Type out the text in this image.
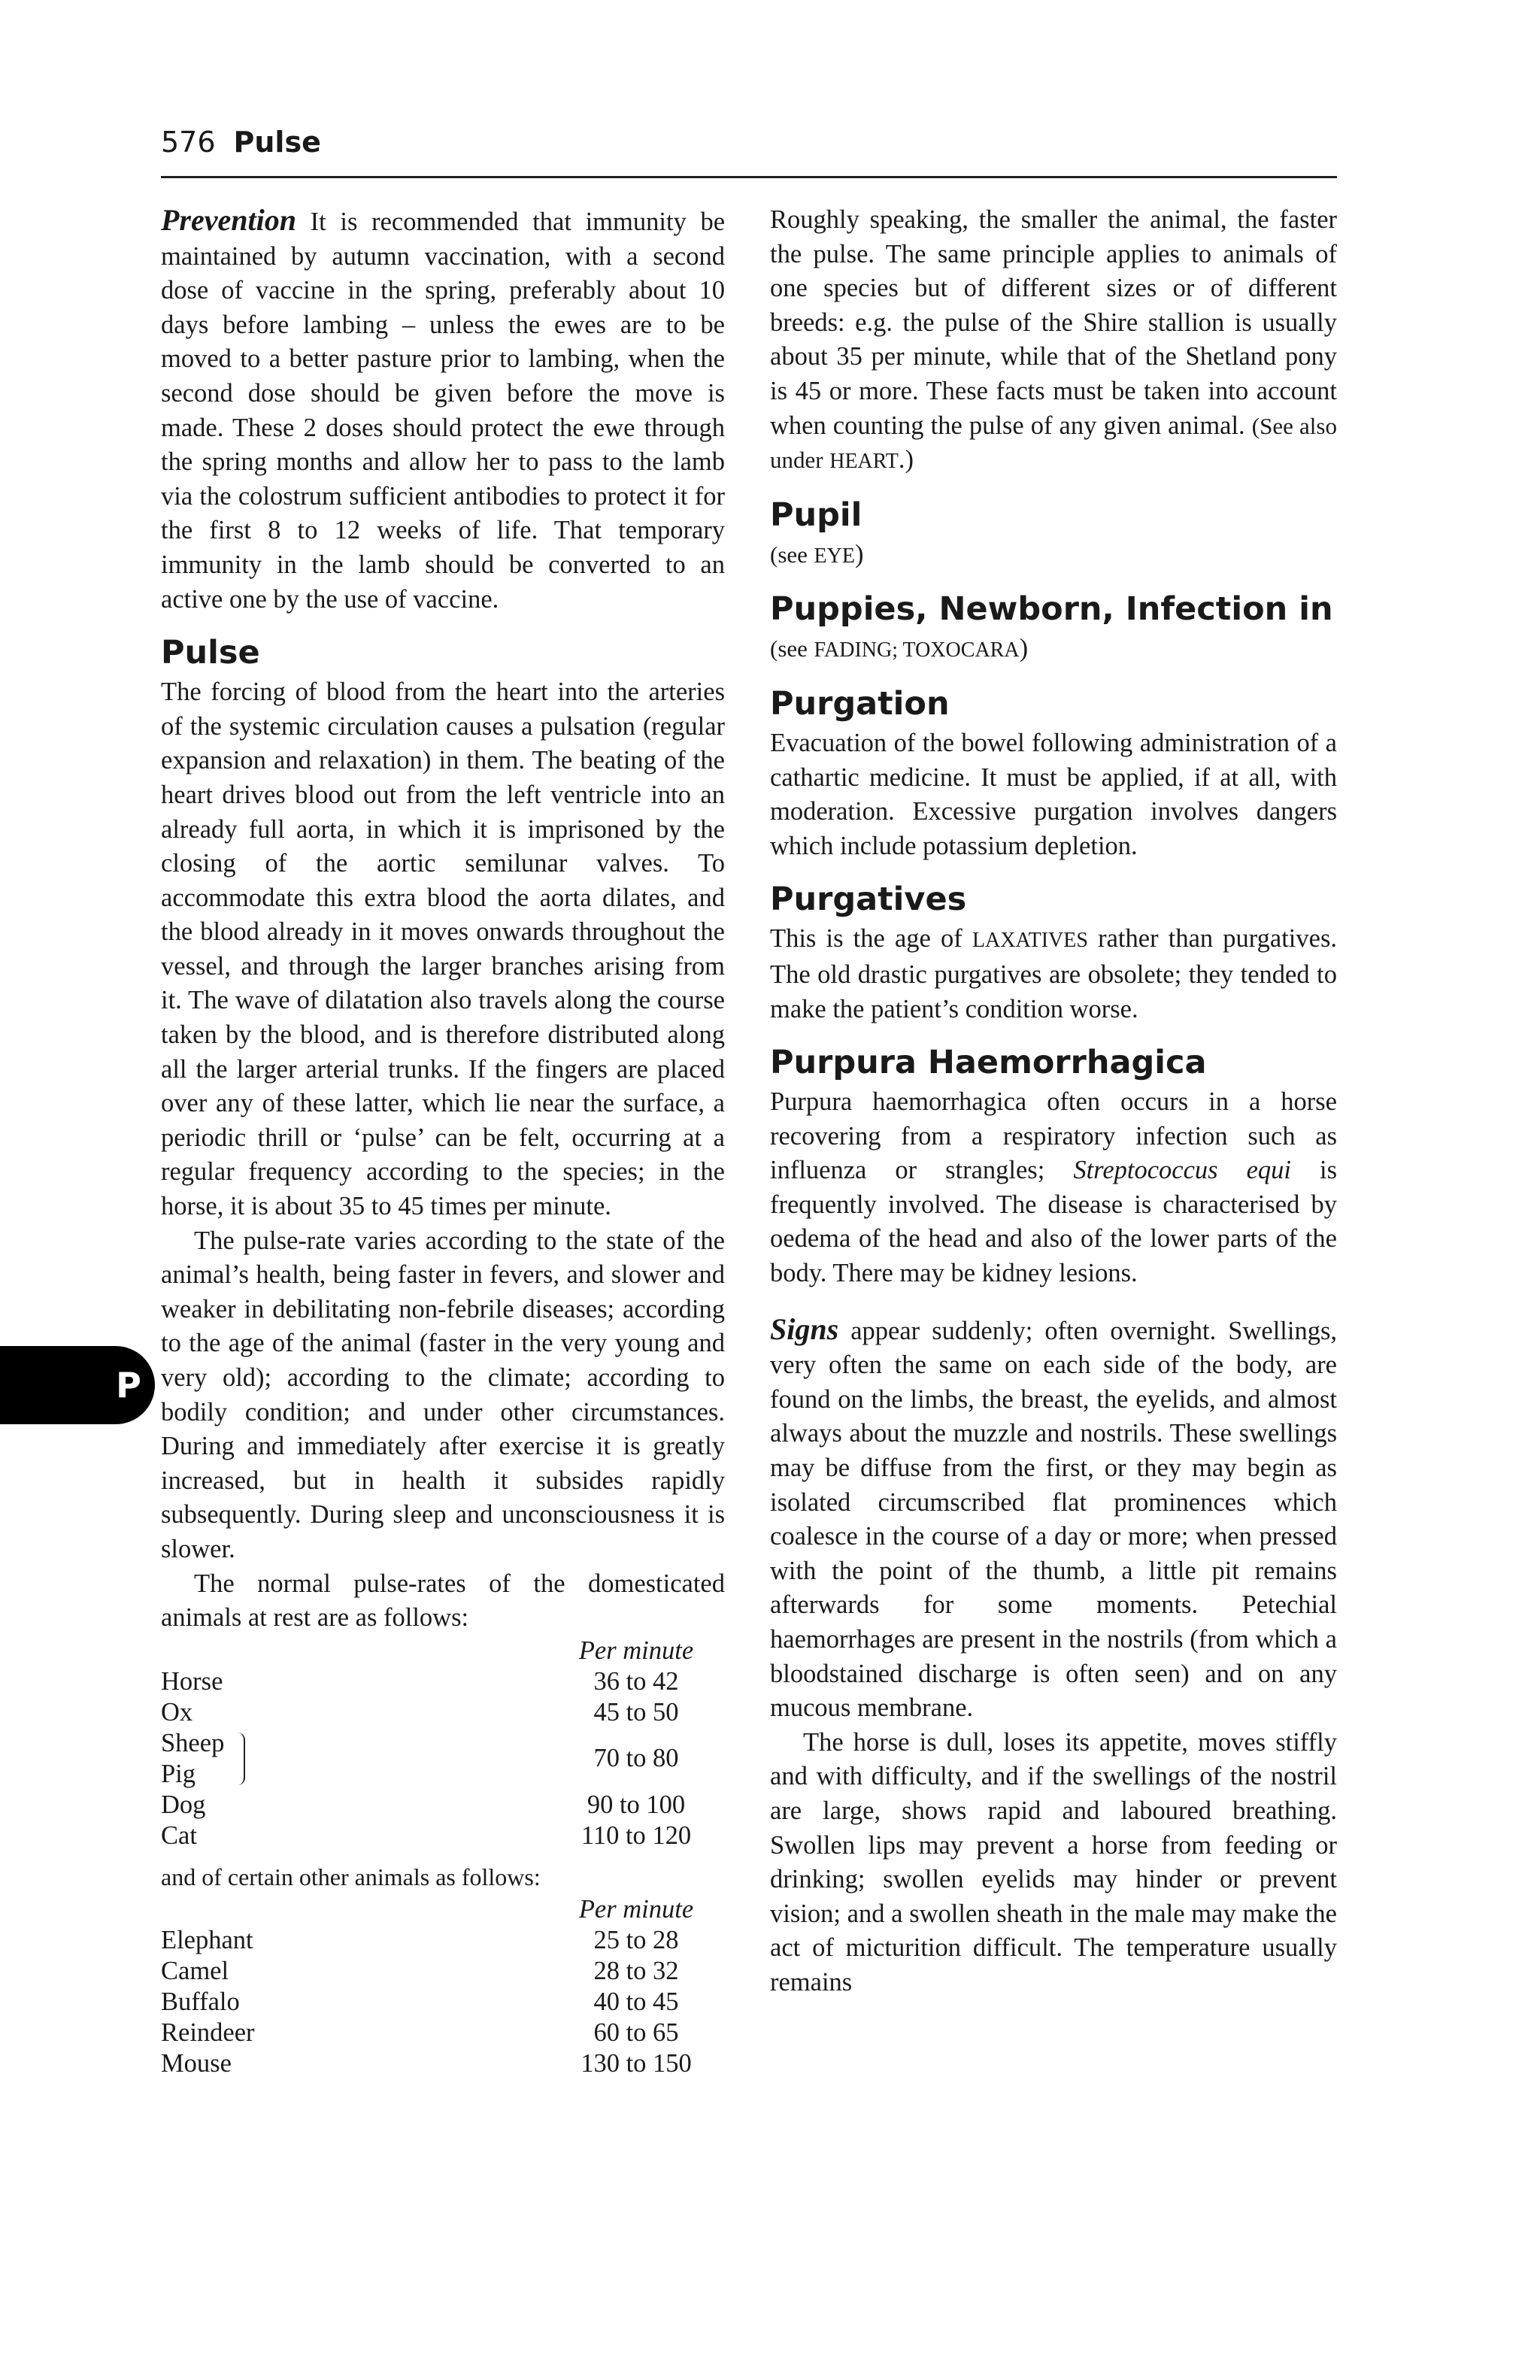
576 Pulse
P

Prevention It is recommended that immunity be maintained by autumn vaccination, with a second dose of vaccine in the spring, preferably about 10 days before lambing – unless the ewes are to be moved to a better pasture prior to lambing, when the second dose should be given before the move is made. These 2 doses should protect the ewe through the spring months and allow her to pass to the lamb via the colostrum sufficient antibodies to protect it for the first 8 to 12 weeks of life. That temporary immunity in the lamb should be converted to an active one by the use of vaccine.

Pulse

The forcing of blood from the heart into the arteries of the systemic circulation causes a pulsation (regular expansion and relaxation) in them. The beating of the heart drives blood out from the left ventricle into an already full aorta, in which it is imprisoned by the closing of the aortic semilunar valves. To accommodate this extra blood the aorta dilates, and the blood already in it moves onwards throughout the vessel, and through the larger branches arising from it. The wave of dilatation also travels along the course taken by the blood, and is therefore distributed along all the larger arterial trunks. If the fingers are placed over any of these latter, which lie near the surface, a periodic thrill or ‘pulse’ can be felt, occurring at a regular frequency according to the species; in the horse, it is about 35 to 45 times per minute.

The pulse-rate varies according to the state of the animal’s health, being faster in fevers, and slower and weaker in debilitating non-febrile diseases; according to the age of the animal (faster in the very young and very old); according to the climate; according to bodily condition; and under other circumstances. During and immediately after exercise it is greatly increased, but in health it subsides rapidly subsequently. During sleep and unconsciousness it is slower.

The normal pulse-rates of the domesticated animals at rest are as follows:

	Per minute
Horse	36 to 42
Ox	45 to 50
Sheep	70 to 80
Pig	
Dog	90 to 100
Cat	110 to 120

and of certain other animals as follows:

	Per minute
Elephant	25 to 28
Camel	28 to 32
Buffalo	40 to 45
Reindeer	60 to 65
Mouse	130 to 150

Roughly speaking, the smaller the animal, the faster the pulse. The same principle applies to animals of one species but of different sizes or of different breeds: e.g. the pulse of the Shire stallion is usually about 35 per minute, while that of the Shetland pony is 45 or more. These facts must be taken into account when counting the pulse of any given animal. (See also under HEART.)

Pupil

(see EYE)

Puppies, Newborn, Infection in

(see FADING; TOXOCARA)

Purgation

Evacuation of the bowel following administration of a cathartic medicine. It must be applied, if at all, with moderation. Excessive purgation involves dangers which include potassium depletion.

Purgatives

This is the age of LAXATIVES rather than purgatives. The old drastic purgatives are obsolete; they tended to make the patient’s condition worse.

Purpura Haemorrhagica

Purpura haemorrhagica often occurs in a horse recovering from a respiratory infection such as influenza or strangles; Streptococcus equi is frequently involved. The disease is characterised by oedema of the head and also of the lower parts of the body. There may be kidney lesions.

Signs appear suddenly; often overnight. Swellings, very often the same on each side of the body, are found on the limbs, the breast, the eyelids, and almost always about the muzzle and nostrils. These swellings may be diffuse from the first, or they may begin as isolated circumscribed flat prominences which coalesce in the course of a day or more; when pressed with the point of the thumb, a little pit remains afterwards for some moments. Petechial haemorrhages are present in the nostrils (from which a bloodstained discharge is often seen) and on any mucous membrane.

The horse is dull, loses its appetite, moves stiffly and with difficulty, and if the swellings of the nostril are large, shows rapid and laboured breathing. Swollen lips may prevent a horse from feeding or drinking; swollen eyelids may hinder or prevent vision; and a swollen sheath in the male may make the act of micturition difficult. The temperature usually remains
